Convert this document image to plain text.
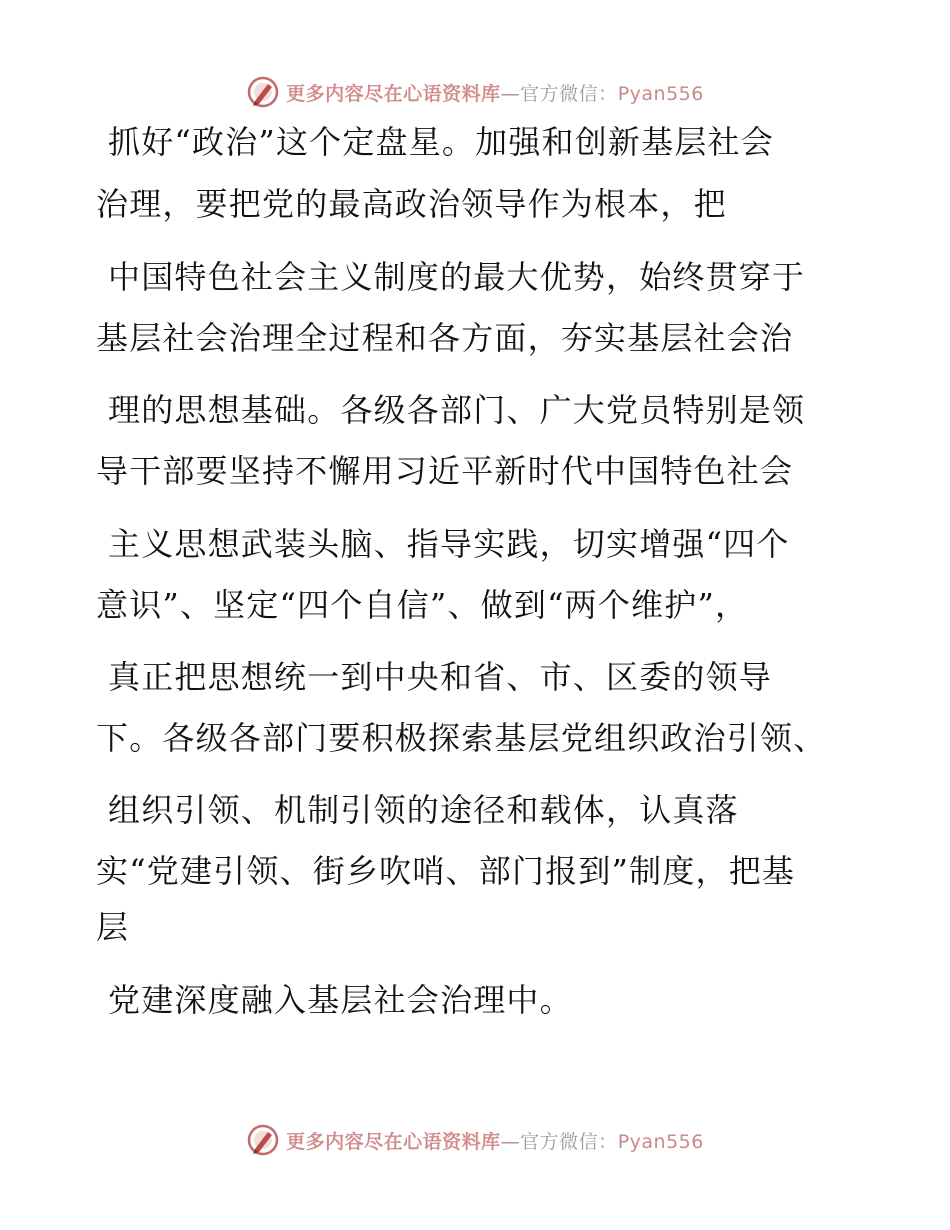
更多内容尽在心语资料库—官方微信：Pyan556
抓好“政治”这个定盘星。加强和创新基层社会
治理，要把党的最高政治领导作为根本，把
中国特色社会主义制度的最大优势，始终贯穿于
基层社会治理全过程和各方面，夯实基层社会治
理的思想基础。各级各部门、广大党员特别是领
导干部要坚持不懈用习近平新时代中国特色社会
主义思想武装头脑、指导实践，切实增强“四个
意识”、坚定“四个自信”、做到“两个维护”，
真正把思想统一到中央和省、市、区委的领导
下。各级各部门要积极探索基层党组织政治引领、
组织引领、机制引领的途径和载体，认真落
实“党建引领、街乡吹哨、部门报到”制度，把基
层
党建深度融入基层社会治理中。
更多内容尽在心语资料库—官方微信：Pyan556
